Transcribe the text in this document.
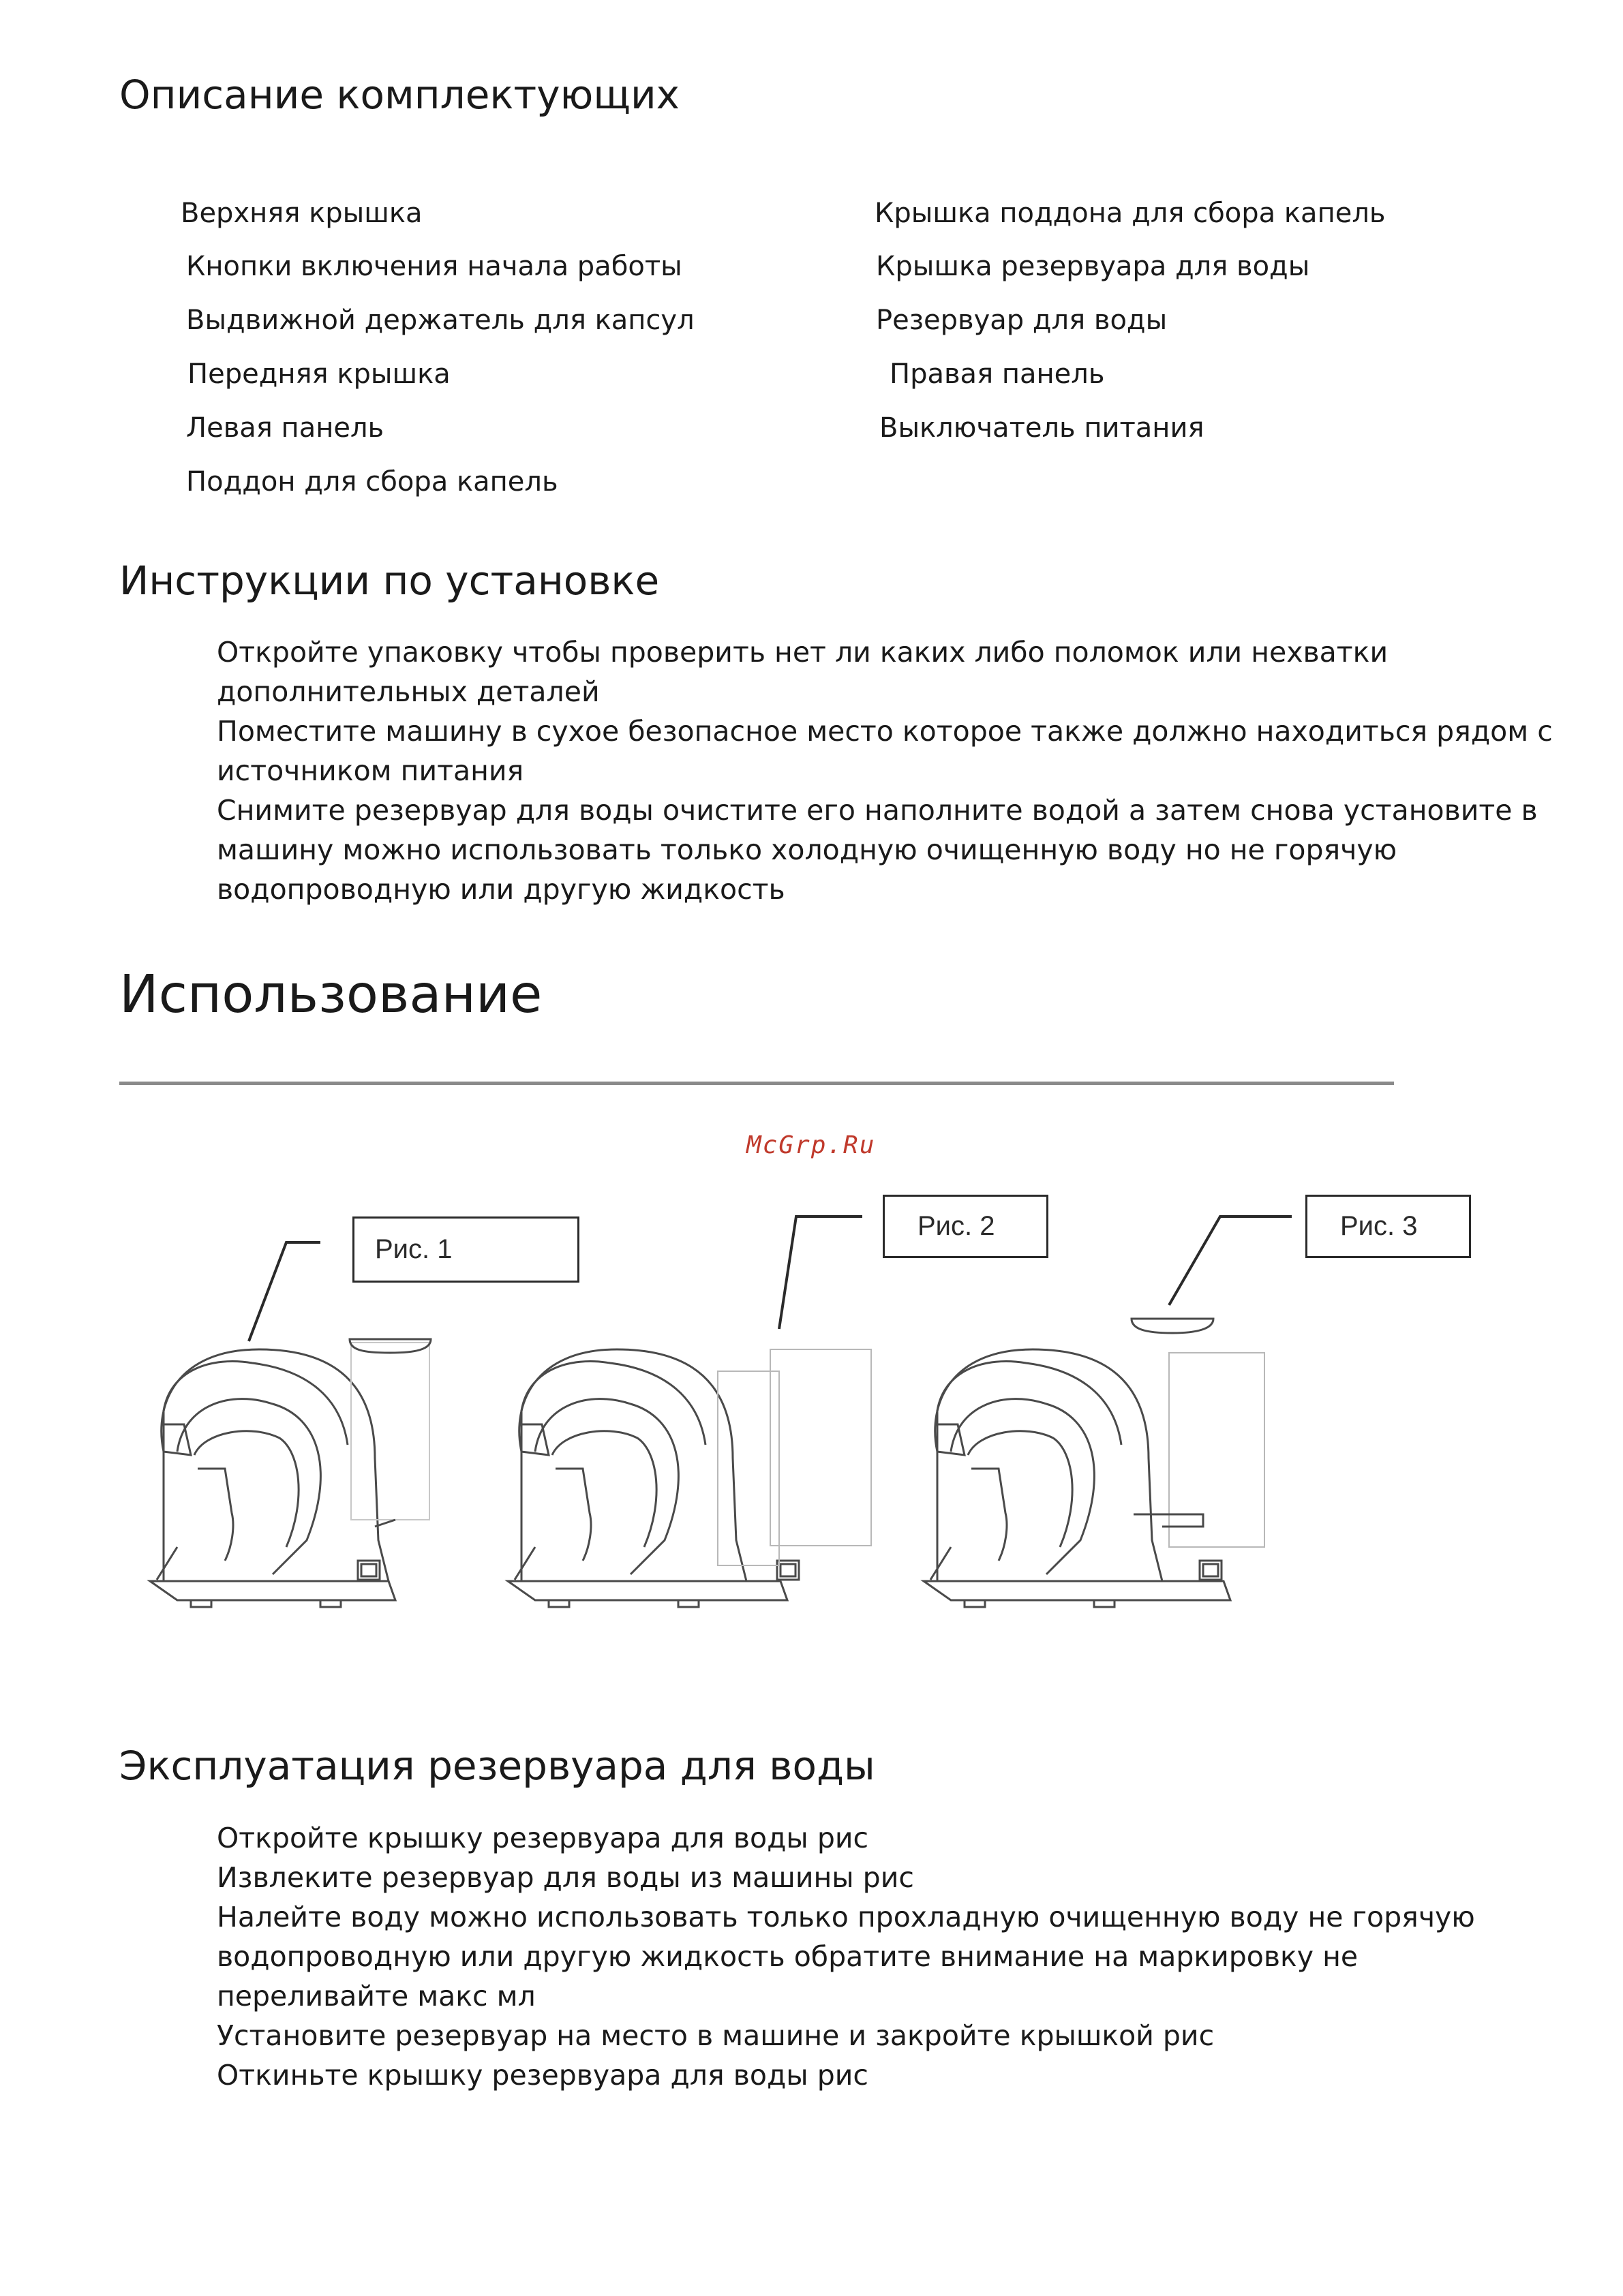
Описание комплектующих
Верхняя крышка
Кнопки включения начала работы
Выдвижной держатель для капсул
Передняя крышка
Левая панель
Поддон для сбора капель
Крышка поддона для сбора капель
Крышка резервуара для воды
Резервуар для воды
Правая панель
Выключатель питания
Инструкции по установке
Откройте упаковку чтобы проверить нет ли каких либо поломок или нехватки
дополнительных деталей
Поместите машину в сухое безопасное место которое также должно находиться рядом с
источником питания
Снимите резервуар для воды очистите его наполните водой а затем снова установите в
машину можно использовать только холодную очищенную воду но не горячую
водопроводную или другую жидкость
Использование
McGrp.Ru
Рис. 1
Рис. 2	Рис. 3
Эксплуатация резервуара для воды
Откройте крышку резервуара для воды рис
Извлеките резервуар для воды из машины рис
Налейте воду можно использовать только прохладную очищенную воду не горячую
водопроводную или другую жидкость обратите внимание на маркировку не
переливайте макс мл
Установите резервуар на место в машине и закройте крышкой рис
Откиньте крышку резервуара для воды рис
